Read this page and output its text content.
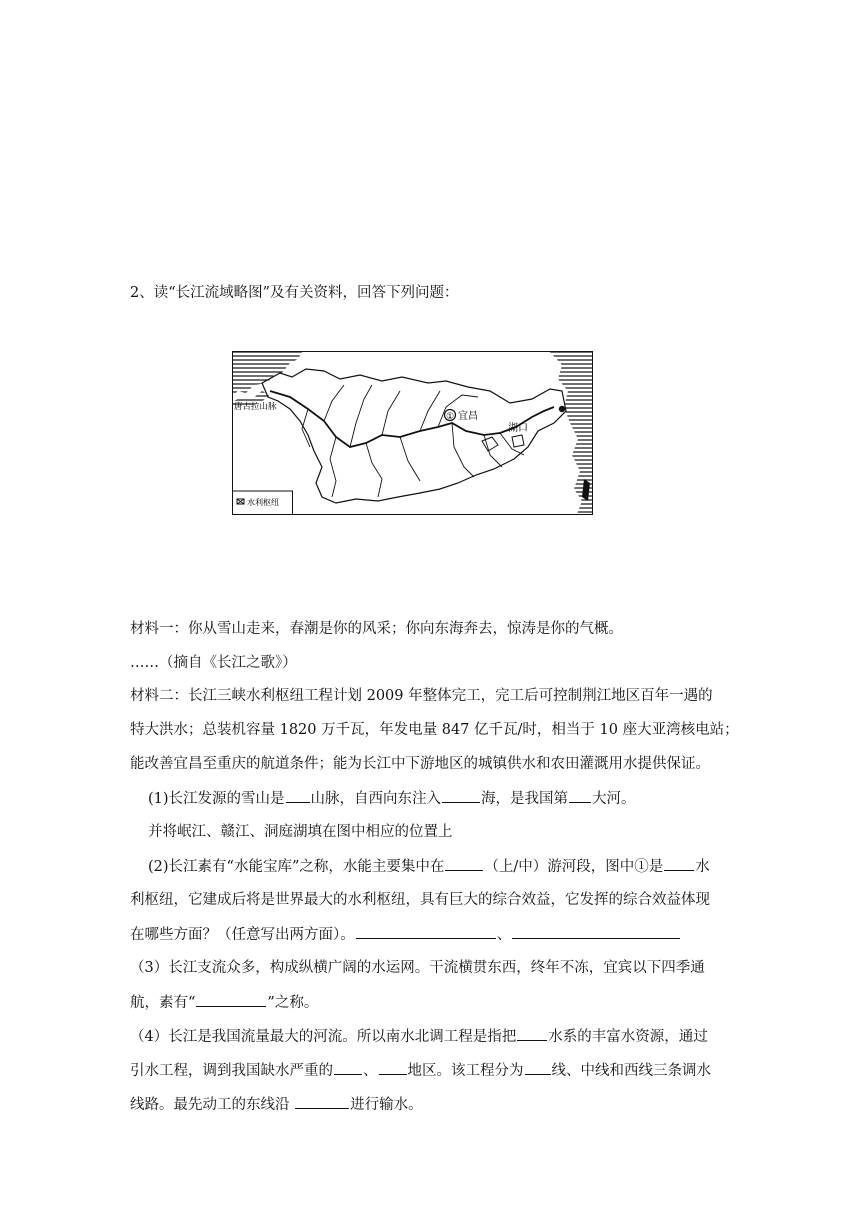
2、读“长江流域略图”及有关资料，回答下列问题：
①
唐古拉山脉
宜昌
湖口
水利枢纽
材料一：你从雪山走来，春潮是你的风采；你向东海奔去，惊涛是你的气概。
……（摘自《长江之歌》）
材料二：长江三峡水利枢纽工程计划 2009 年整体完工，完工后可控制荆江地区百年一遇的
特大洪水；总装机容量 1820 万千瓦，年发电量 847 亿千瓦/时，相当于 10 座大亚湾核电站；
能改善宜昌至重庆的航道条件；能为长江中下游地区的城镇供水和农田灌溉用水提供保证。
(1)长江发源的雪山是 山脉，自西向东注入	海，是我国第 大河。
并将岷江、赣江、洞庭湖填在图中相应的位置上
(2)长江素有“水能宝库”之称，水能主要集中在	（上/中）游河段，图中①是 水
利枢纽，它建成后将是世界最大的水利枢纽，具有巨大的综合效益，它发挥的综合效益体现
在哪些方面？（任意写出两方面）。	、
（3）长江支流众多，构成纵横广阔的水运网。干流横贯东西，终年不冻，宜宾以下四季通
航，素有“	”之称。
（4）长江是我国流量最大的河流。所以南水北调工程是指把 水系的丰富水资源，通过
引水工程，调到我国缺水严重的 、 地区。该工程分为 线、中线和西线三条调水
线路。最先动工的东线沿	进行输水。
